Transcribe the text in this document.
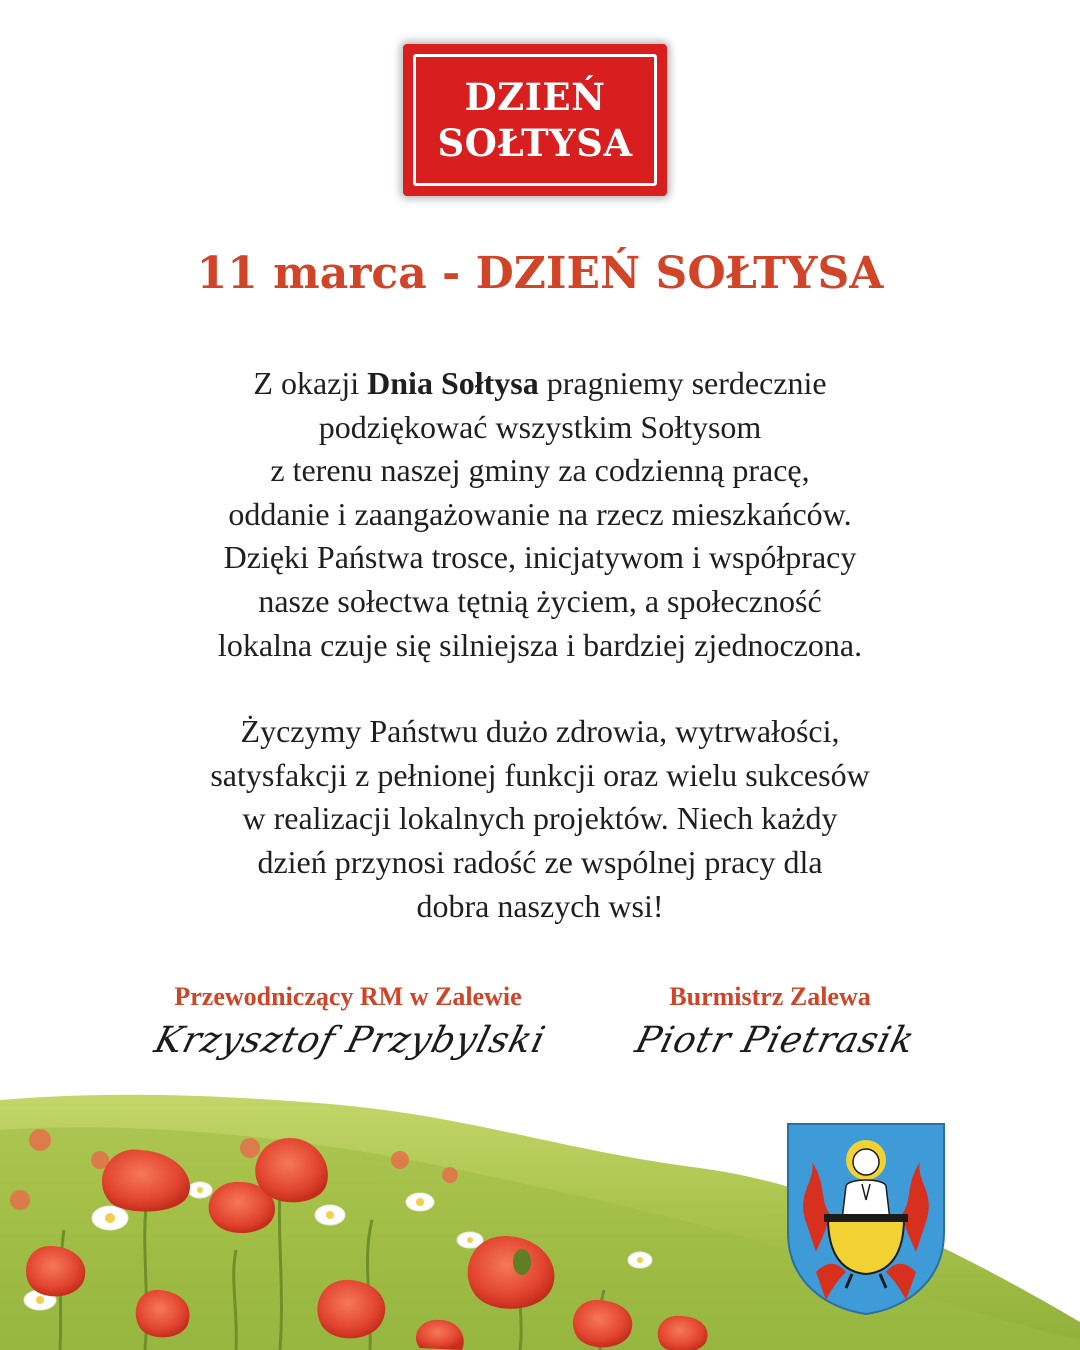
DZIEŃ
SOŁTYSA
11 marca - DZIEŃ SOŁTYSA

Z okazji Dnia Sołtysa pragniemy serdecznie
podziękować wszystkim Sołtysom
z terenu naszej gminy za codzienną pracę,
oddanie i zaangażowanie na rzecz mieszkańców.
Dzięki Państwa trosce, inicjatywom i współpracy
nasze sołectwa tętnią życiem, a społeczność
lokalna czuje się silniejsza i bardziej zjednoczona.

Życzymy Państwu dużo zdrowia, wytrwałości,
satysfakcji z pełnionej funkcji oraz wielu sukcesów
w realizacji lokalnych projektów. Niech każdy
dzień przynosi radość ze wspólnej pracy dla
dobra naszych wsi!

Przewodniczący RM w Zalewie
Krzysztof Przybylski
Burmistrz Zalewa
Piotr Pietrasik
